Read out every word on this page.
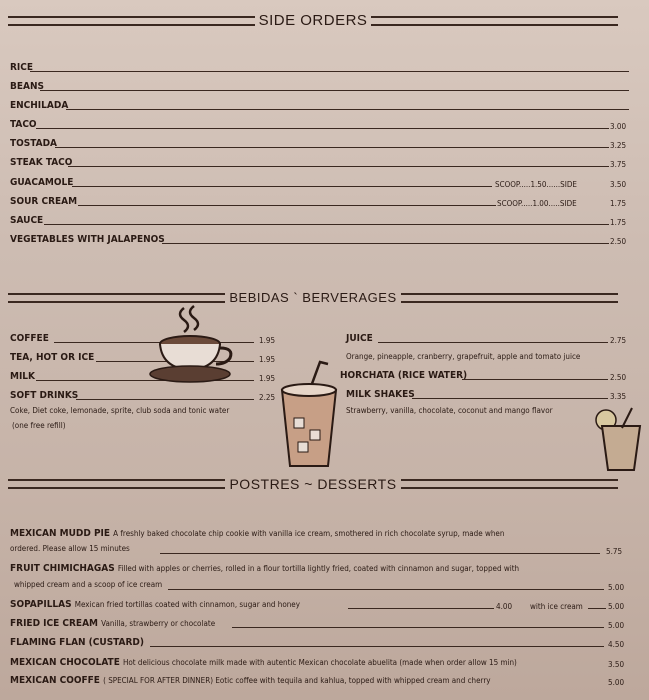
SIDE ORDERS
RICE
BEANS
ENCHILADA
TACO	3.00
TOSTADA	3.25
STEAK TACO	3.75
GUACAMOLE	SCOOP.....1.50......SIDE	3.50
SOUR CREAM	SCOOP.....1.00.....SIDE	1.75
SAUCE	1.75
VEGETABLES WITH JALAPENOS	2.50
BEBIDAS ` BERVERAGES
COFFEE	1.95
TEA, HOT OR ICE	1.95
MILK	1.95
SOFT DRINKS	2.25
Coke, Diet coke, lemonade, sprite, club soda and tonic water
(one free refill)
JUICE	2.75
Orange, pineapple, cranberry, grapefruit, apple and tomato juice
HORCHATA (RICE WATER)	2.50
MILK SHAKES	3.35
Strawberry, vanilla, chocolate, coconut and mango flavor
POSTRES ~ DESSERTS
MEXICAN MUDD PIE A freshly baked chocolate chip cookie with vanilla ice cream, smothered in rich chocolate syrup, made when
ordered. Please allow 15 minutes	5.75
FRUIT CHIMICHAGAS Filled with apples or cherries, rolled in a flour tortilla lightly fried, coated with cinnamon and sugar, topped with
whipped cream and a scoop of ice cream	5.00
SOPAPILLAS Mexican fried tortillas coated with cinnamon, sugar and honey	4.00 with ice cream	5.00
FRIED ICE CREAM Vanilla, strawberry or chocolate	5.00
FLAMING FLAN (CUSTARD)	4.50
MEXICAN CHOCOLATE Hot delicious chocolate milk made with autentic Mexican chocolate abuelita (made when order allow 15 min)	3.50
MEXICAN COOFFE ( SPECIAL FOR AFTER DINNER) Eotic coffee with tequila and kahlua, topped with whipped cream and cherry	5.00
